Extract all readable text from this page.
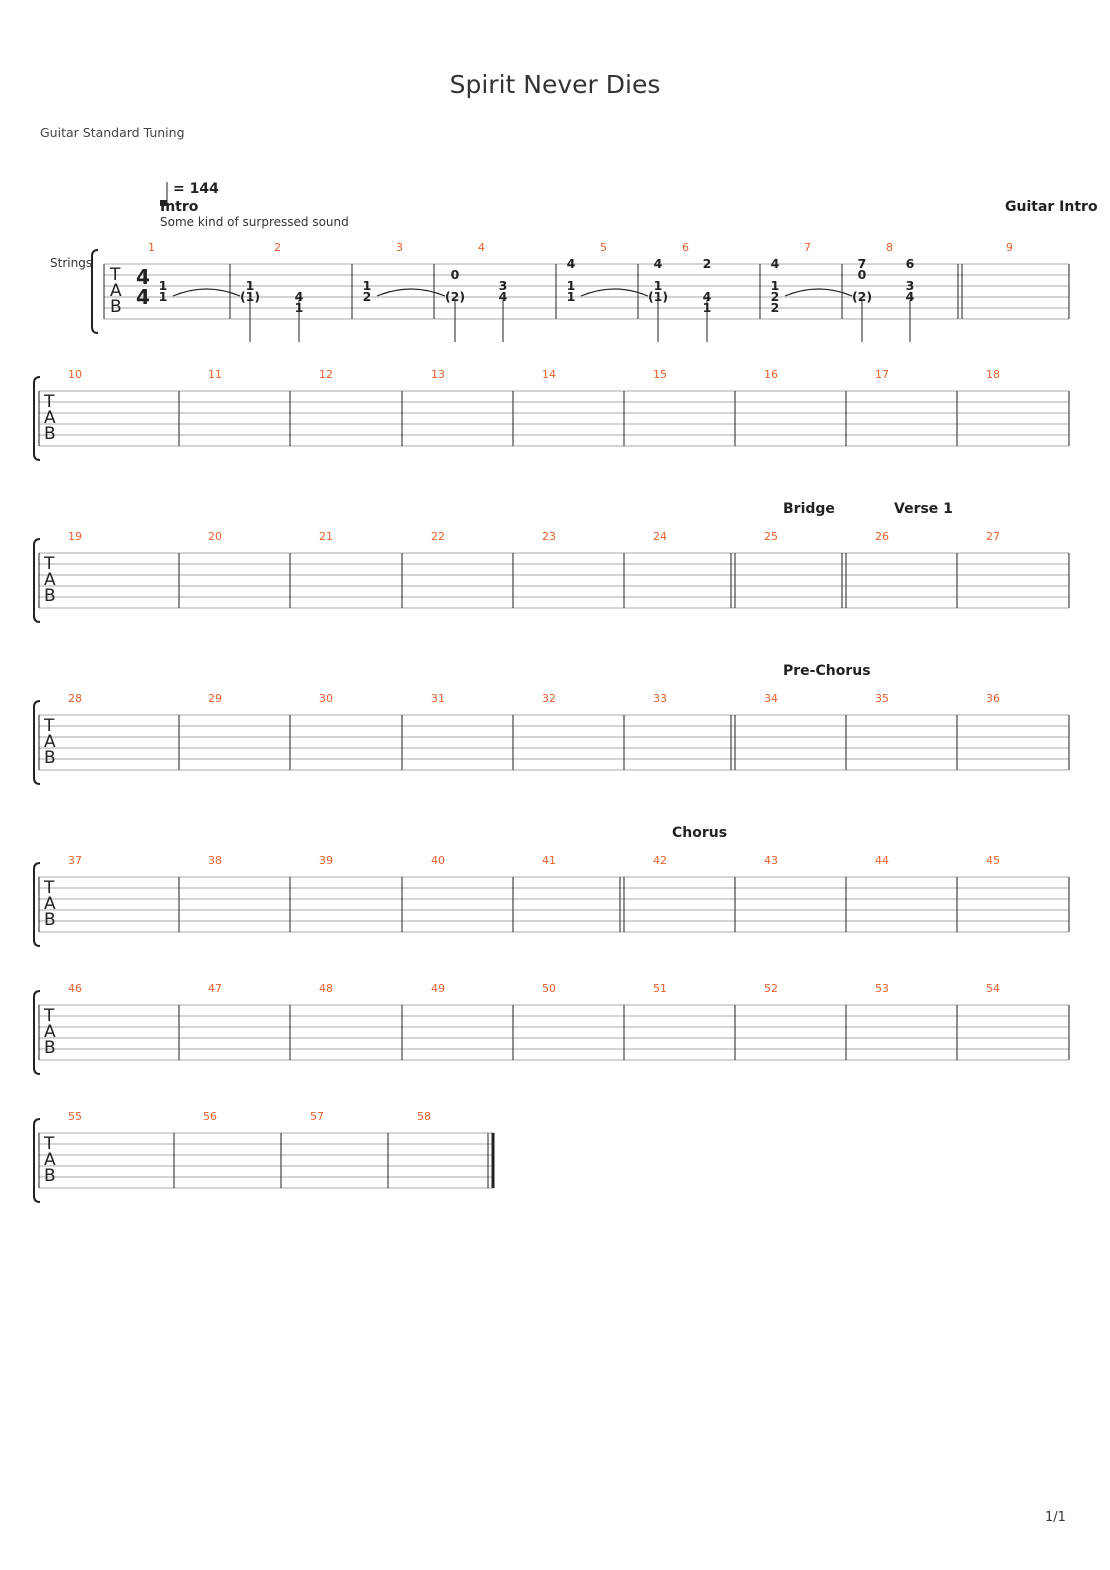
Spirit Never Dies
Guitar Standard Tuning
1/1
= 144
Intro
Some kind of surpressed sound
Guitar Intro
Strings
Bridge	Verse 1
Pre-Chorus
Chorus
T
A
B
1	2	3	4	5	6	7	8	9
T
A
B
10	11	12	13	14	15	16	17	18
T
A
B
19	20	21	22	23	24	25	26	27
T
A
B
28	29	30	31	32	33	34	35	36
T
A
B
37	38	39	40	41	42	43	44	45
T
A
B
46	47	48	49	50	51	52	53	54
T
A
B
55	56	57	58
4
4 1
1
1
(1)	4
1
1
2
0
(2)
3
4
4
1
1
4
1
(1)
2
4
1
4
1
2
2
7
0
(2)
6
3
4
